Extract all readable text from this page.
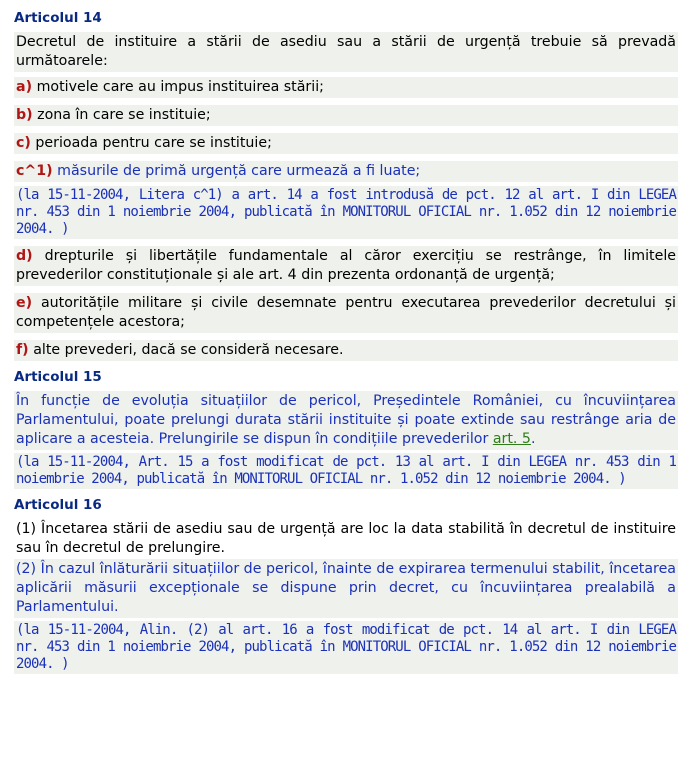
Articolul 14
Decretul de instituire a stării de asediu sau a stării de urgență trebuie să prevadă următoarele:
a) motivele care au impus instituirea stării;
b) zona în care se instituie;
c) perioada pentru care se instituie;
c^1) măsurile de primă urgență care urmează a fi luate;
(la 15-11-2004, Litera c^1) a art. 14 a fost introdusă de pct. 12 al art. I din LEGEA nr. 453 din 1 noiembrie 2004, publicată în MONITORUL OFICIAL nr. 1.052 din 12 noiembrie 2004. )
d) drepturile și libertățile fundamentale al căror exercițiu se restrânge, în limitele prevederilor constituționale și ale art. 4 din prezenta ordonanță de urgență;
e) autoritățile militare și civile desemnate pentru executarea prevederilor decretului și competențele acestora;
f) alte prevederi, dacă se consideră necesare.
Articolul 15
În funcție de evoluția situațiilor de pericol, Președintele României, cu încuviințarea Parlamentului, poate prelungi durata stării instituite și poate extinde sau restrânge aria de aplicare a acesteia. Prelungirile se dispun în condițiile prevederilor art. 5.
(la 15-11-2004, Art. 15 a fost modificat de pct. 13 al art. I din LEGEA nr. 453 din 1 noiembrie 2004, publicată în MONITORUL OFICIAL nr. 1.052 din 12 noiembrie 2004. )
Articolul 16
(1) Încetarea stării de asediu sau de urgență are loc la data stabilită în decretul de instituire sau în decretul de prelungire.
(2) În cazul înlăturării situațiilor de pericol, înainte de expirarea termenului stabilit, încetarea aplicării măsurii excepționale se dispune prin decret, cu încuviințarea prealabilă a Parlamentului.
(la 15-11-2004, Alin. (2) al art. 16 a fost modificat de pct. 14 al art. I din LEGEA nr. 453 din 1 noiembrie 2004, publicată în MONITORUL OFICIAL nr. 1.052 din 12 noiembrie 2004. )
